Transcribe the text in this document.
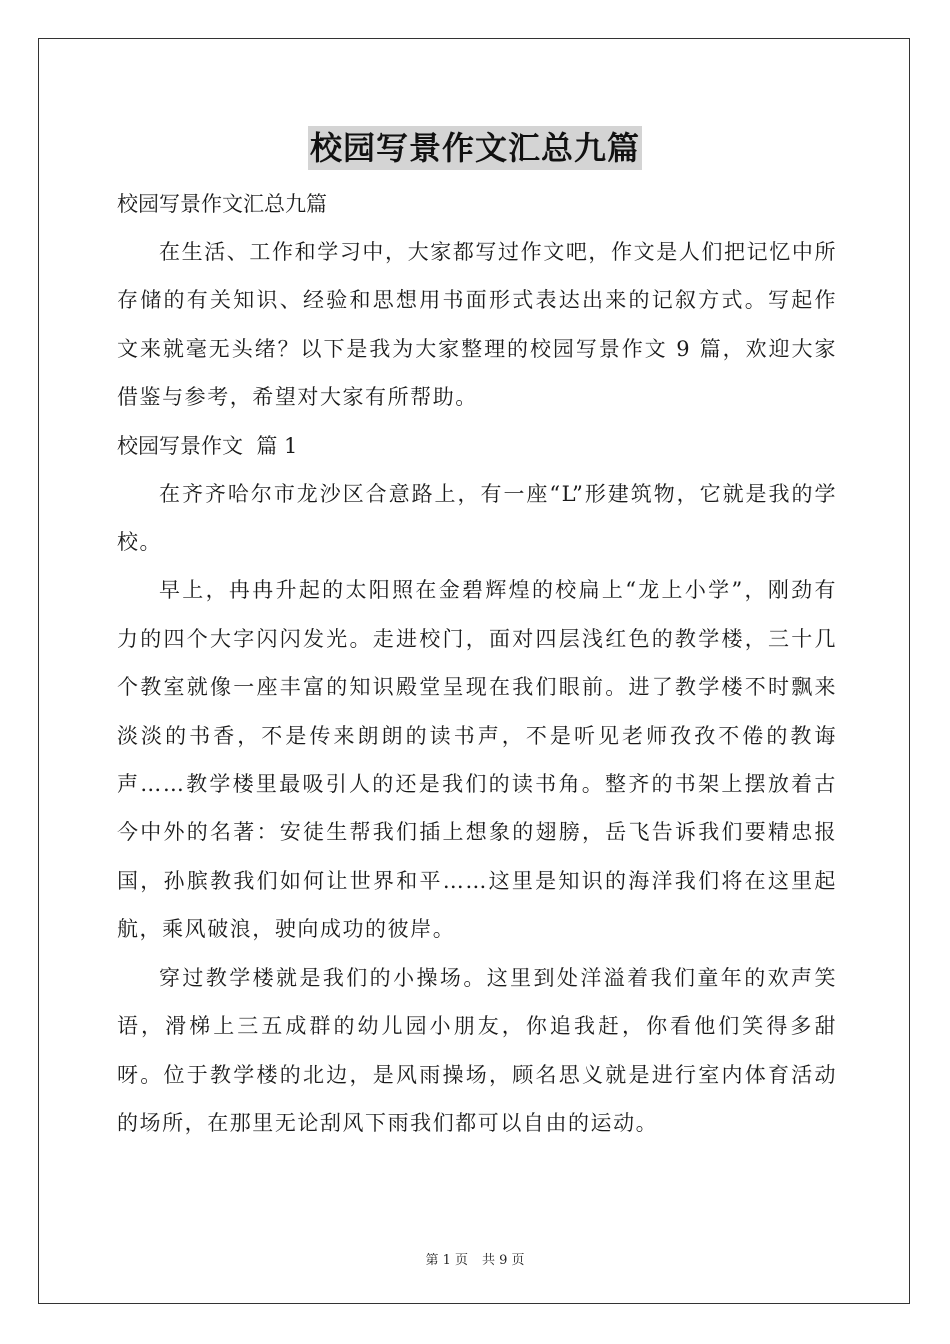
校园写景作文汇总九篇

校园写景作文汇总九篇

在生活、工作和学习中，大家都写过作文吧，作文是人们把记忆中所存储的有关知识、经验和思想用书面形式表达出来的记叙方式。写起作文来就毫无头绪？以下是我为大家整理的校园写景作文 9 篇，欢迎大家借鉴与参考，希望对大家有所帮助。

校园写景作文  篇 1

在齐齐哈尔市龙沙区合意路上，有一座“L”形建筑物，它就是我的学校。

早上，冉冉升起的太阳照在金碧辉煌的校扁上“龙上小学”，刚劲有力的四个大字闪闪发光。走进校门，面对四层浅红色的教学楼，三十几个教室就像一座丰富的知识殿堂呈现在我们眼前。进了教学楼不时飘来淡淡的书香，不是传来朗朗的读书声，不是听见老师孜孜不倦的教诲声……教学楼里最吸引人的还是我们的读书角。整齐的书架上摆放着古今中外的名著：安徒生帮我们插上想象的翅膀，岳飞告诉我们要精忠报国，孙膑教我们如何让世界和平……这里是知识的海洋我们将在这里起航，乘风破浪，驶向成功的彼岸。

穿过教学楼就是我们的小操场。这里到处洋溢着我们童年的欢声笑语，滑梯上三五成群的幼儿园小朋友，你追我赶，你看他们笑得多甜呀。位于教学楼的北边，是风雨操场，顾名思义就是进行室内体育活动的场所，在那里无论刮风下雨我们都可以自由的运动。

第 1 页 共 9 页
